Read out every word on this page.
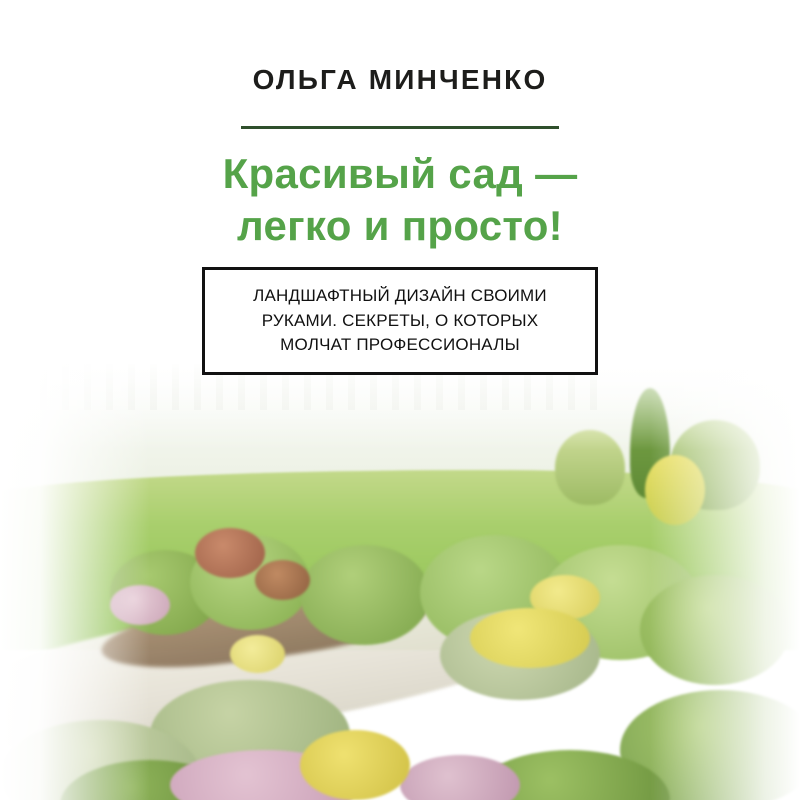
ОЛЬГА МИНЧЕНКО
Красивый сад —
легко и просто!
ЛАНДШАФТНЫЙ ДИЗАЙН СВОИМИ
РУКАМИ. СЕКРЕТЫ, О КОТОРЫХ
МОЛЧАТ ПРОФЕССИОНАЛЫ
